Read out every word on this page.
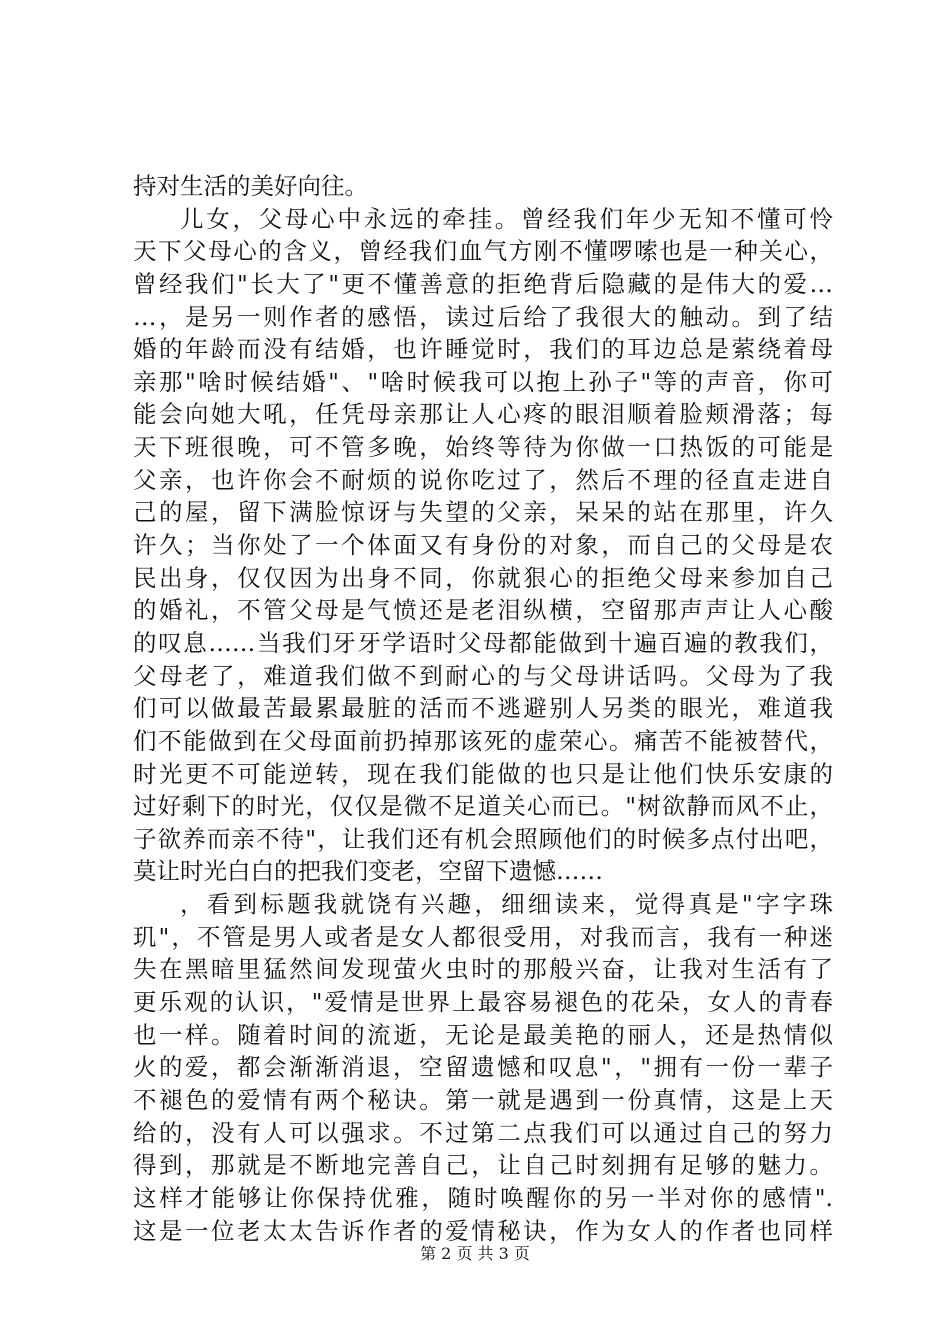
持对生活的美好向往。
儿女，父母心中永远的牵挂。曾经我们年少无知不懂可怜
天下父母心的含义，曾经我们血气方刚不懂啰嗦也是一种关心，
曾经我们"长大了"更不懂善意的拒绝背后隐藏的是伟大的爱…
…，是另一则作者的感悟，读过后给了我很大的触动。到了结
婚的年龄而没有结婚，也许睡觉时，我们的耳边总是萦绕着母
亲那"啥时候结婚"、"啥时候我可以抱上孙子"等的声音，你可
能会向她大吼，任凭母亲那让人心疼的眼泪顺着脸颊滑落；每
天下班很晚，可不管多晚，始终等待为你做一口热饭的可能是
父亲，也许你会不耐烦的说你吃过了，然后不理的径直走进自
己的屋，留下满脸惊讶与失望的父亲，呆呆的站在那里，许久
许久；当你处了一个体面又有身份的对象，而自己的父母是农
民出身，仅仅因为出身不同，你就狠心的拒绝父母来参加自己
的婚礼，不管父母是气愤还是老泪纵横，空留那声声让人心酸
的叹息……当我们牙牙学语时父母都能做到十遍百遍的教我们，
父母老了，难道我们做不到耐心的与父母讲话吗。父母为了我
们可以做最苦最累最脏的活而不逃避别人另类的眼光，难道我
们不能做到在父母面前扔掉那该死的虚荣心。痛苦不能被替代，
时光更不可能逆转，现在我们能做的也只是让他们快乐安康的
过好剩下的时光，仅仅是微不足道关心而已。"树欲静而风不止，
子欲养而亲不待"，让我们还有机会照顾他们的时候多点付出吧，
莫让时光白白的把我们变老，空留下遗憾……
，看到标题我就饶有兴趣，细细读来，觉得真是"字字珠
玑"，不管是男人或者是女人都很受用，对我而言，我有一种迷
失在黑暗里猛然间发现萤火虫时的那般兴奋，让我对生活有了
更乐观的认识，"爱情是世界上最容易褪色的花朵，女人的青春
也一样。随着时间的流逝，无论是最美艳的丽人，还是热情似
火的爱，都会渐渐消退，空留遗憾和叹息"，"拥有一份一辈子
不褪色的爱情有两个秘诀。第一就是遇到一份真情，这是上天
给的，没有人可以强求。不过第二点我们可以通过自己的努力
得到，那就是不断地完善自己，让自己时刻拥有足够的魅力。
这样才能够让你保持优雅，随时唤醒你的另一半对你的感情".
这是一位老太太告诉作者的爱情秘诀，作为女人的作者也同样
第 2 页 共 3 页
